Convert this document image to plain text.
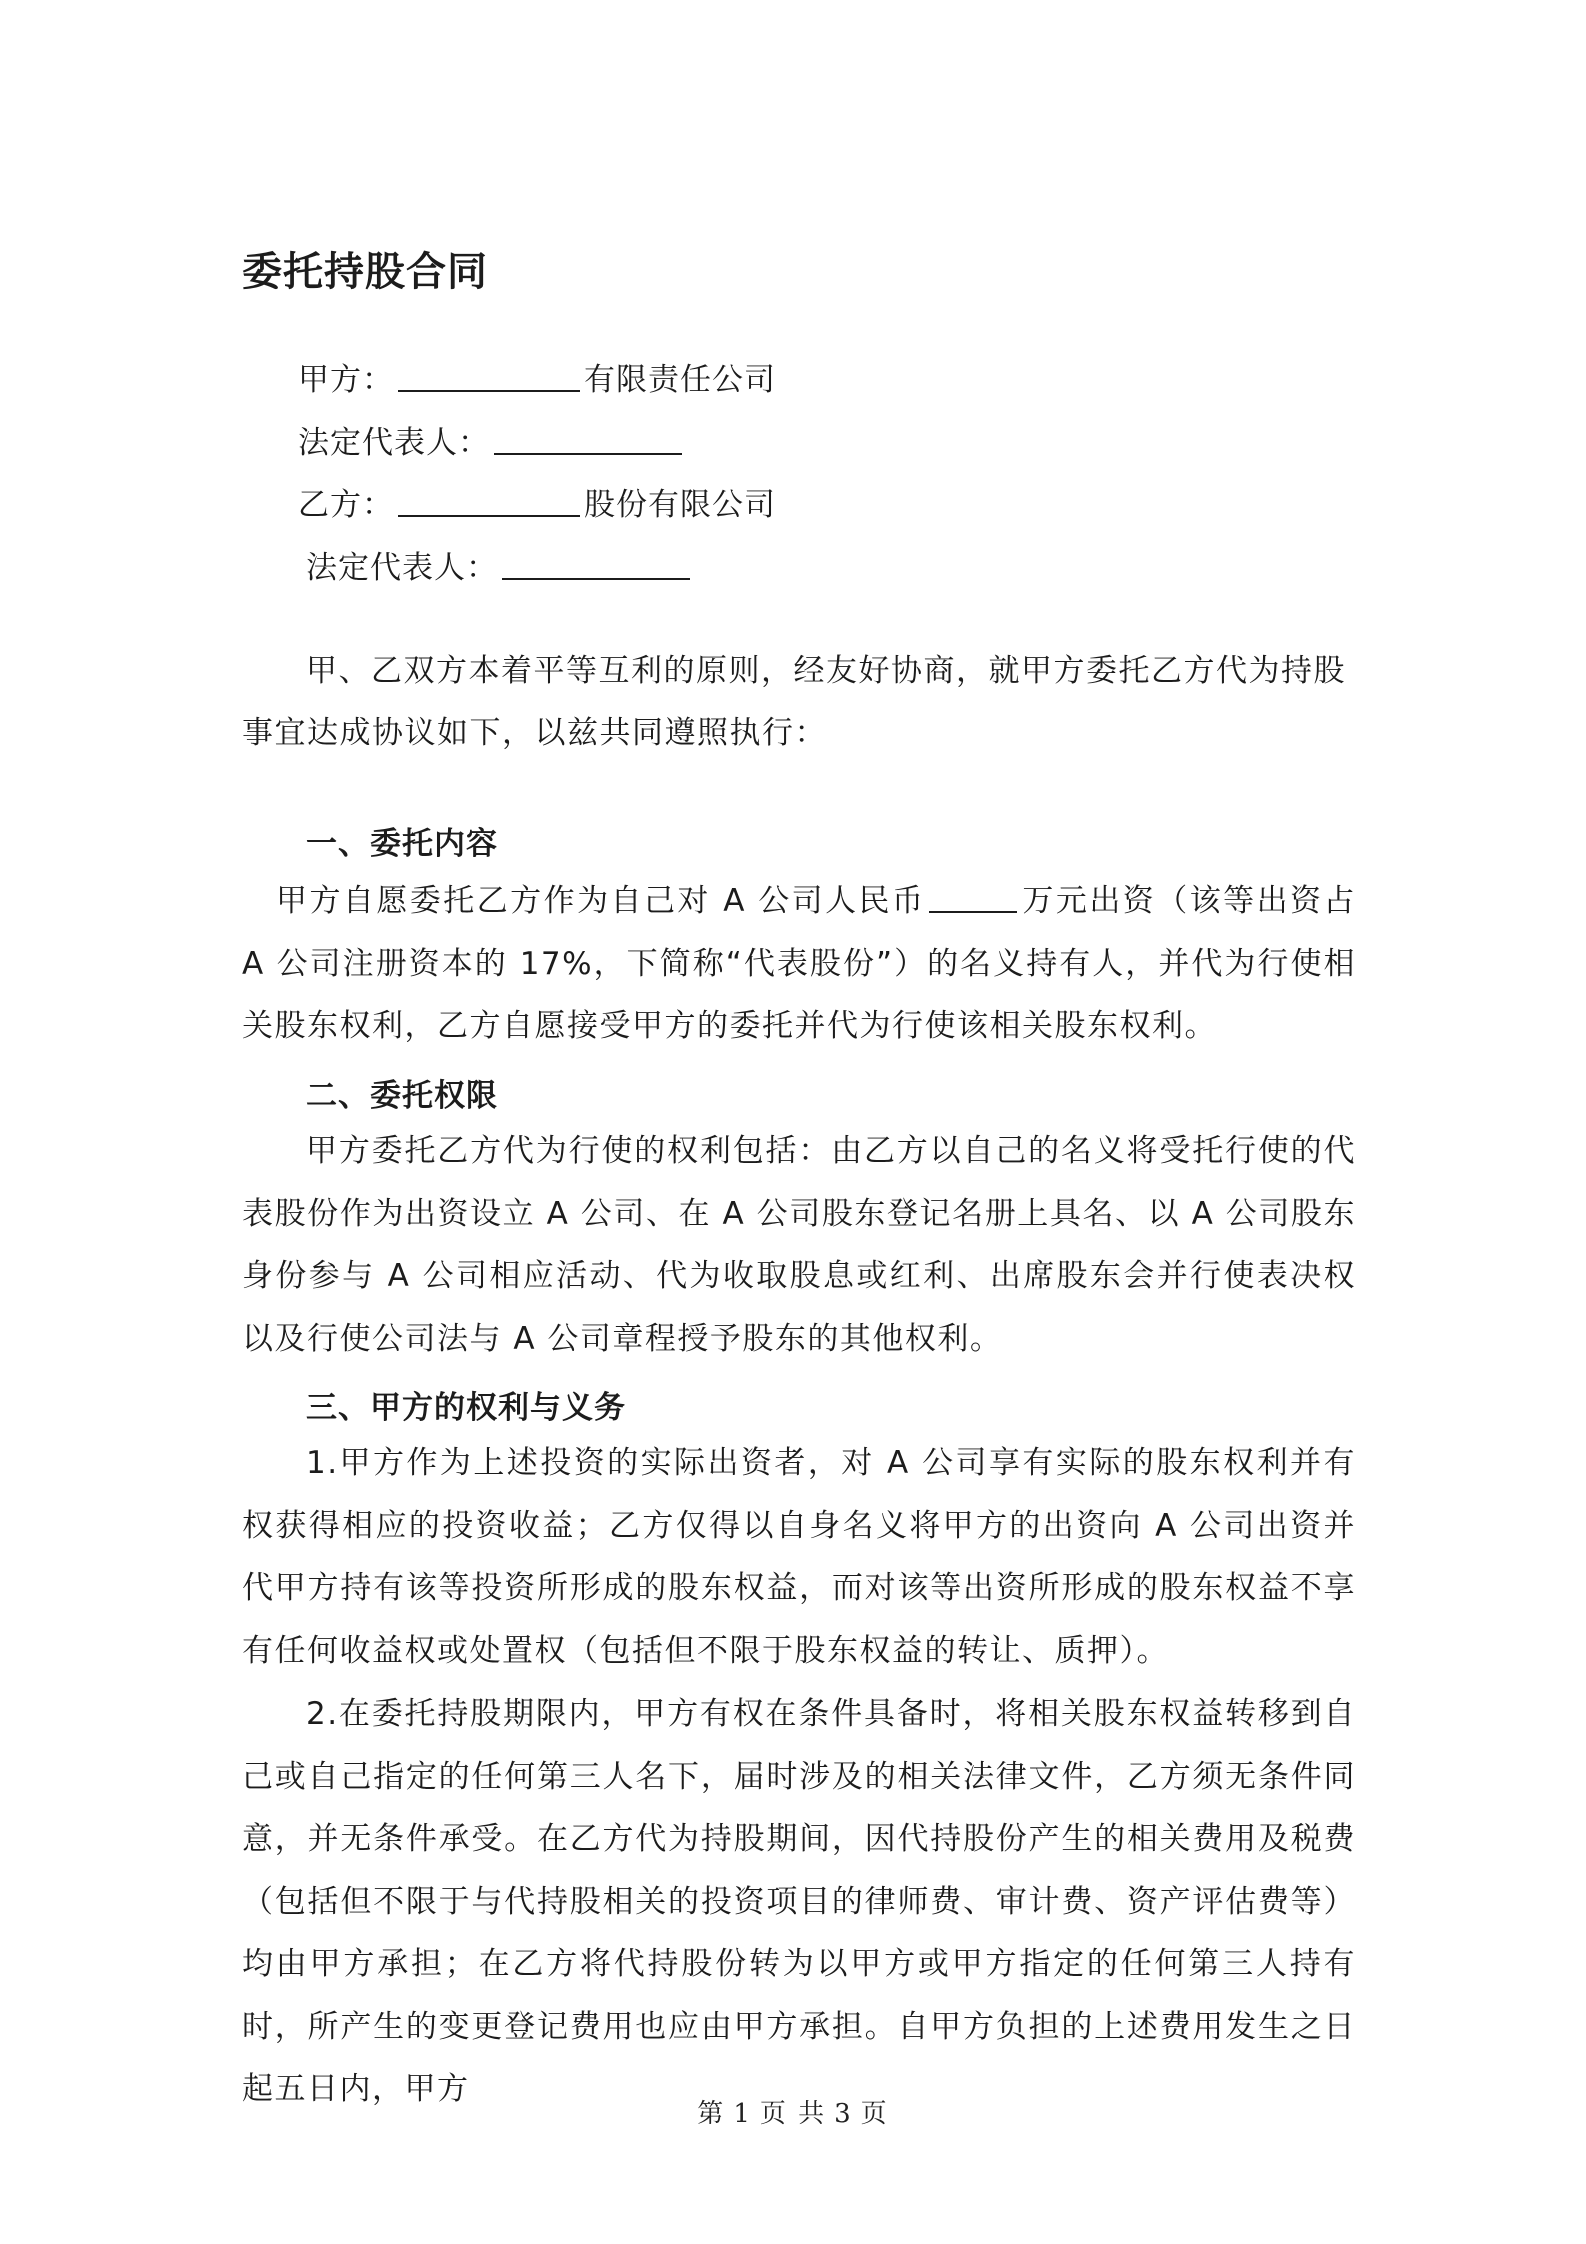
委托持股合同
甲方：	有限责任公司
法定代表人：
乙方：	股份有限公司
法定代表人：

甲、乙双方本着平等互利的原则，经友好协商，就甲方委托乙方代为持股事宜达成协议如下，以兹共同遵照执行：

一、委托内容

甲方自愿委托乙方作为自己对 A 公司人民币	万元出资（该等出资占 A 公司注册资本的 17%，下简称“代表股份”）的名义持有人，并代为行使相关股东权利，乙方自愿接受甲方的委托并代为行使该相关股东权利。

二、委托权限

甲方委托乙方代为行使的权利包括：由乙方以自己的名义将受托行使的代表股份作为出资设立 A 公司、在 A 公司股东登记名册上具名、以 A 公司股东身份参与 A 公司相应活动、代为收取股息或红利、出席股东会并行使表决权以及行使公司法与 A 公司章程授予股东的其他权利。

三、甲方的权利与义务

1.甲方作为上述投资的实际出资者，对 A 公司享有实际的股东权利并有权获得相应的投资收益；乙方仅得以自身名义将甲方的出资向 A 公司出资并代甲方持有该等投资所形成的股东权益，而对该等出资所形成的股东权益不享有任何收益权或处置权（包括但不限于股东权益的转让、质押）。

2.在委托持股期限内，甲方有权在条件具备时，将相关股东权益转移到自己或自己指定的任何第三人名下，届时涉及的相关法律文件，乙方须无条件同意，并无条件承受。在乙方代为持股期间，因代持股份产生的相关费用及税费（包括但不限于与代持股相关的投资项目的律师费、审计费、资产评估费等）均由甲方承担；在乙方将代持股份转为以甲方或甲方指定的任何第三人持有时，所产生的变更登记费用也应由甲方承担。自甲方负担的上述费用发生之日起五日内，甲方

第 1 页 共 3 页
